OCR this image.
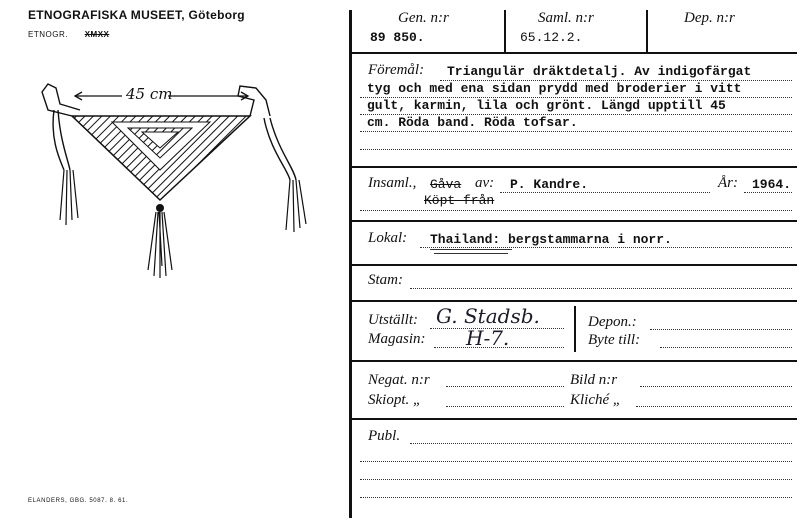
ETNOGRAFISKA MUSEET, Göteborg
ETNOGR. XMXX
45 cm
ELANDERS, GBG. 5087. 8. 61.
Gen. n:r	Saml. n:r	Dep. n:r
89 850.	65.12.2.
Föremål: Triangulär dräktdetalj. Av indigofärgat
tyg och med ena sidan prydd med broderier i vitt
gult, karmin, lila och grönt. Längd upptill 45
cm. Röda band. Röda tofsar.
Insaml., Gåva av: P. Kandre.	År: 1964.
Köpt från
Lokal: Thailand: bergstammarna i norr.
Stam:
Utställt: G. Stadsb.
Magasin: H-7.
Depon.:
Byte till:
Negat. n:r	Bild n:r
Skiopt. „	Kliché „
Publ.
